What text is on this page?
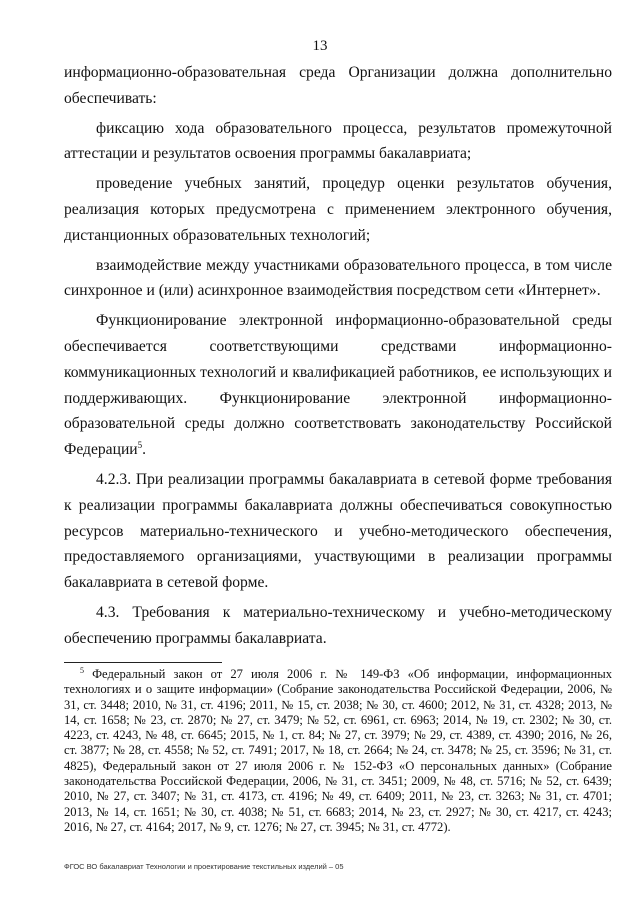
13

информационно-образовательная среда Организации должна дополнительно обеспечивать:

фиксацию хода образовательного процесса, результатов промежуточной аттестации и результатов освоения программы бакалавриата;

проведение учебных занятий, процедур оценки результатов обучения, реализация которых предусмотрена с применением электронного обучения, дистанционных образовательных технологий;

взаимодействие между участниками образовательного процесса, в том числе синхронное и (или) асинхронное взаимодействия посредством сети «Интернет».

Функционирование электронной информационно-образовательной среды обеспечивается соответствующими средствами информационно-коммуникационных технологий и квалификацией работников, ее использующих и поддерживающих. Функционирование электронной информационно-образовательной среды должно соответствовать законодательству Российской Федерации$^5$.

4.2.3. При реализации программы бакалавриата в сетевой форме требования к реализации программы бакалавриата должны обеспечиваться совокупностью ресурсов материально-технического и учебно-методического обеспечения, предоставляемого организациями, участвующими в реализации программы бакалавриата в сетевой форме.

4.3. Требования к материально-техническому и учебно-методическому обеспечению программы бакалавриата.

$^5$ Федеральный закон от 27 июля 2006 г. № 149-ФЗ «Об информации, информационных технологиях и о защите информации» (Собрание законодательства Российской Федерации, 2006, № 31, ст. 3448; 2010, № 31, ст. 4196; 2011, № 15, ст. 2038; № 30, ст. 4600; 2012, № 31, ст. 4328; 2013, № 14, ст. 1658; № 23, ст. 2870; № 27, ст. 3479; № 52, ст. 6961, ст. 6963; 2014, № 19, ст. 2302; № 30, ст. 4223, ст. 4243, № 48, ст. 6645; 2015, № 1, ст. 84; № 27, ст. 3979; № 29, ст. 4389, ст. 4390; 2016, № 26, ст. 3877; № 28, ст. 4558; № 52, ст. 7491; 2017, № 18, ст. 2664; № 24, ст. 3478; № 25, ст. 3596; № 31, ст. 4825), Федеральный закон от 27 июля 2006 г. № 152-ФЗ «О персональных данных» (Собрание законодательства Российской Федерации, 2006, № 31, ст. 3451; 2009, № 48, ст. 5716; № 52, ст. 6439; 2010, № 27, ст. 3407; № 31, ст. 4173, ст. 4196; № 49, ст. 6409; 2011, № 23, ст. 3263; № 31, ст. 4701; 2013, № 14, ст. 1651; № 30, ст. 4038; № 51, ст. 6683; 2014, № 23, ст. 2927; № 30, ст. 4217, ст. 4243; 2016, № 27, ст. 4164; 2017, № 9, ст. 1276; № 27, ст. 3945; № 31, ст. 4772).

ФГОС ВО бакалавриат Технологии и проектирование текстильных изделий – 05
